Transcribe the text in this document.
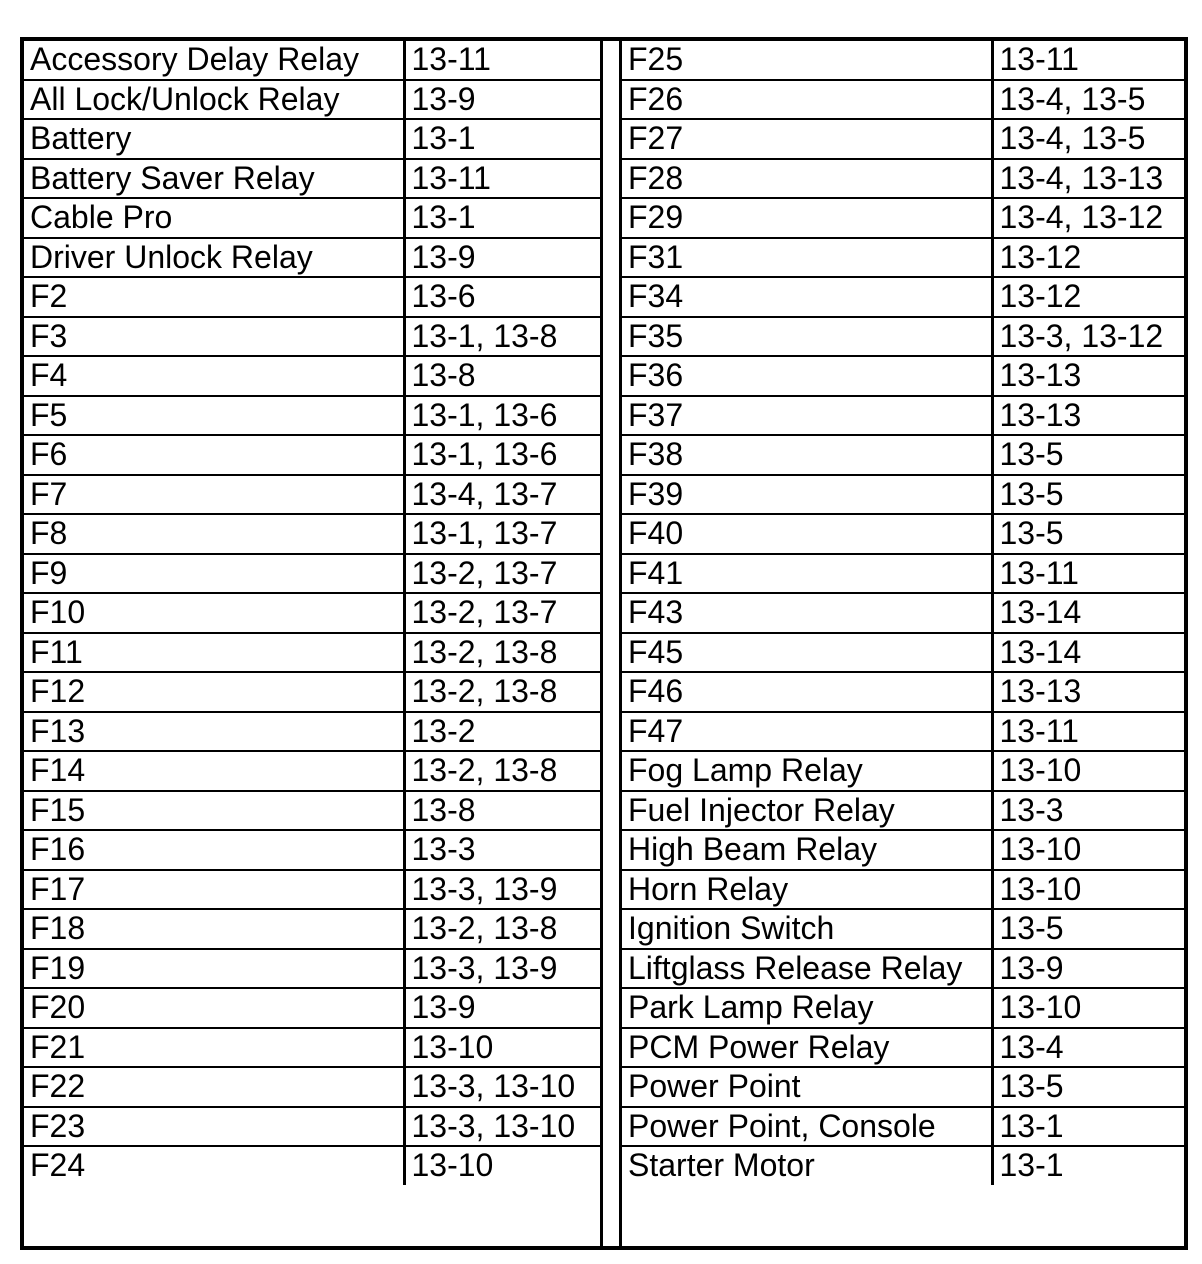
Accessory Delay Relay	13-11
All Lock/Unlock Relay	13-9
Battery	13-1
Battery Saver Relay	13-11
Cable Pro	13-1
Driver Unlock Relay	13-9
F2	13-6
F3	13-1, 13-8
F4	13-8
F5	13-1, 13-6
F6	13-1, 13-6
F7	13-4, 13-7
F8	13-1, 13-7
F9	13-2, 13-7
F10	13-2, 13-7
F11	13-2, 13-8
F12	13-2, 13-8
F13	13-2
F14	13-2, 13-8
F15	13-8
F16	13-3
F17	13-3, 13-9
F18	13-2, 13-8
F19	13-3, 13-9
F20	13-9
F21	13-10
F22	13-3, 13-10
F23	13-3, 13-10
F24	13-10
F25	13-11
F26	13-4, 13-5
F27	13-4, 13-5
F28	13-4, 13-13
F29	13-4, 13-12
F31	13-12
F34	13-12
F35	13-3, 13-12
F36	13-13
F37	13-13
F38	13-5
F39	13-5
F40	13-5
F41	13-11
F43	13-14
F45	13-14
F46	13-13
F47	13-11
Fog Lamp Relay	13-10
Fuel Injector Relay	13-3
High Beam Relay	13-10
Horn Relay	13-10
Ignition Switch	13-5
Liftglass Release Relay	13-9
Park Lamp Relay	13-10
PCM Power Relay	13-4
Power Point	13-5
Power Point, Console	13-1
Starter Motor	13-1
